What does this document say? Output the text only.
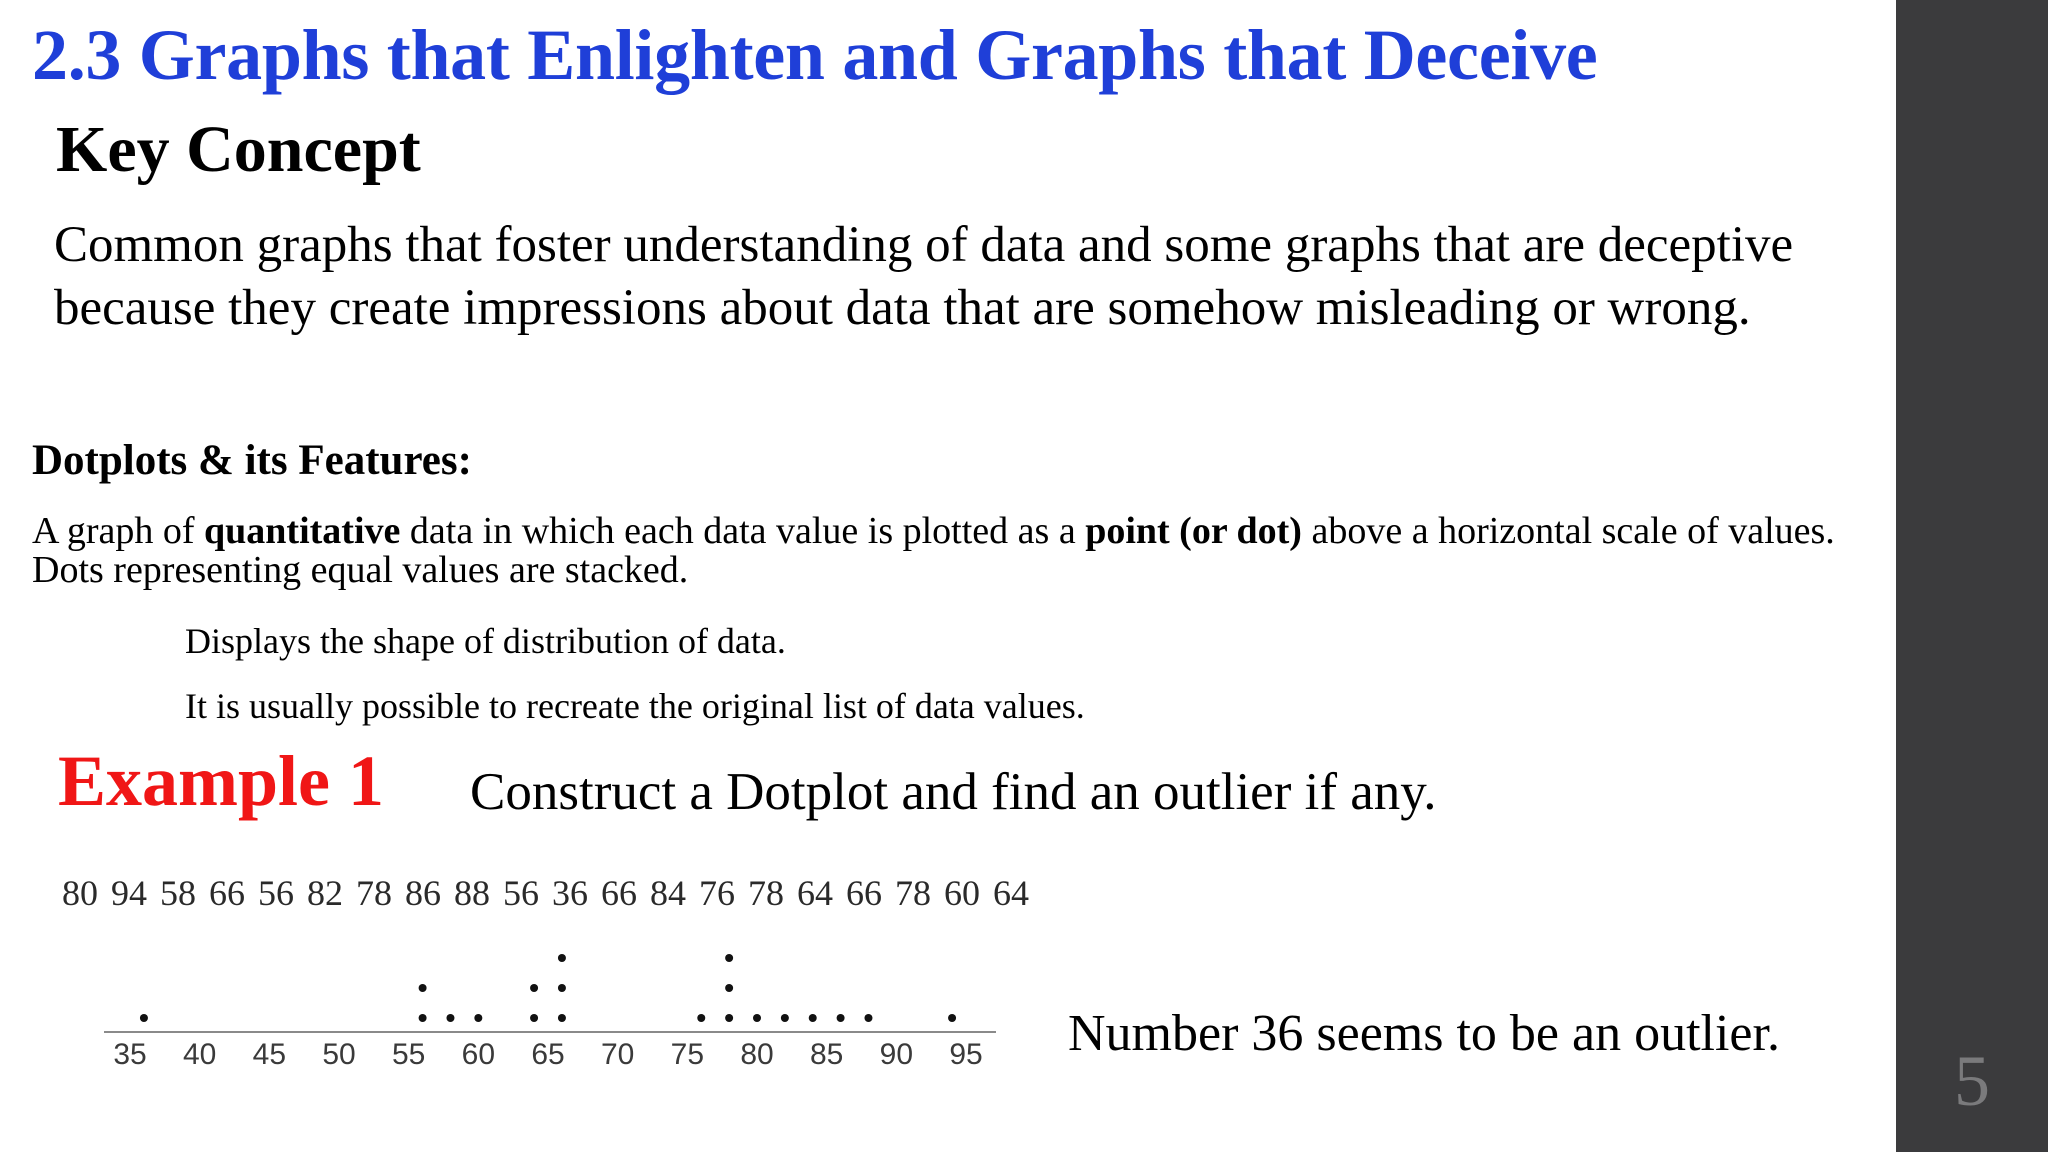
2.3 Graphs that Enlighten and Graphs that Deceive
Key Concept
Common graphs that foster understanding of data and some graphs that are deceptive because they create impressions about data that are somehow misleading or wrong.
Dotplots & its Features:
A graph of quantitative data in which each data value is plotted as a point (or dot) above a horizontal scale of values. Dots representing equal values are stacked.
Displays the shape of distribution of data.
It is usually possible to recreate the original list of data values.
Example 1 Construct a Dotplot and find an outlier if any.
80 94 58 66 56 82 78 86 88 56 36 66 84 76 78 64 66 78 60 64
35 40 45 50 55 60 65 70 75 80 85 90 95 Number 36 seems to be an outlier.
5
